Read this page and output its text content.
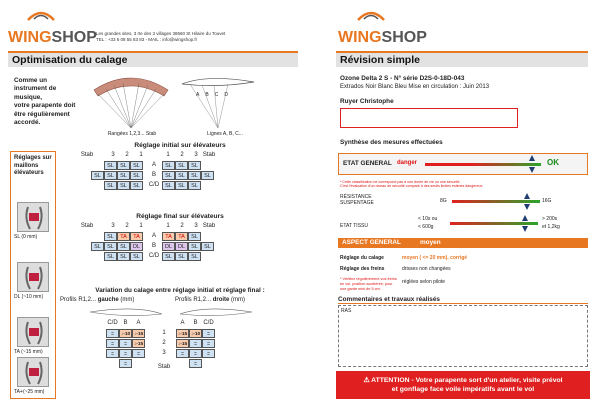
WINGSHOP Les grandes sites, 3 rte des 3 villages 38660 St Hilaire du Touvet
TEL : +33 6 08 55 83 83 - MAIL : info@wingshop.fr
Optimisation du calage
Comme un
instrument de
musique,
votre parapente doit
être régulièrement
accordé.
Rangées 1,2,3... Stab
A B C D
Lignes A, B, C...
Réglages sur
maillons
élévateurs
SL (0 mm)
DL (~10 mm)
TA (~15 mm)
TA+(~25 mm)
Réglage initial sur élévateurs
Stab	3	2	1	1	2	3 Stab
SL	SL	SL	A	SL	SL	SL
SL	SL	SL	SL	B	SL	SL	SL	SL
SL	SL	SL	C/D	SL	SL	SL
Réglage final sur élévateurs
Stab	3	2	1	1	2	3 Stab
SL	TA	TA	A	TA	TA	SL
SL	SL	SL	DL	B	DL	DL	SL	SL
SL	SL	SL	C/D	SL	SL	SL
Variation du calage entre réglage initial et réglage final :
Profils R1,2... gauche (mm)	Profils R1,2... droite (mm)
C/D B	A	A	B C/D
=	↓-10 ↓-15	1	↓-15 ↓-10	=
=	=	↓-15	2	↓-15	=	=
=	=	=	3	=	=	=
=	Stab	=
WINGSHOP
Révision simple
Ozone Delta 2 S - N° série D2S-0-18D-043
Extrados Noir Blanc Bleu Mise en circulation : Juin 2013
Ruyer Christophe
Synthèse des mesures effectuées
ETAT GENERAL danger	OK
* Cette classification ne correspond pas à une durée de vie ou une sécurité.
C'est l'évaluation d'un niveau de sécurité comparé à des seuils limites estimés dangereux.
RÉSISTANCE
SUSPENTAGE	8G	16G
ETAT TISSU
< 10s ou
< 600g
> 200s
et 1,2kg
ASPECT GENERAL	moyen
Réglage du calage	moyen ( <= 20 mm), corrigé
Réglage des freins	drisses non changées
* Vérifiez régulièrement vos freins
en vol, position accélérée, pour
une garde mini de 5 cm.
réglées selon pilote
Commentaires et travaux réalisés
RAS
⚠ ATTENTION - Votre parapente sort d'un atelier, visite prévol
et gonflage face voile impératifs avant le vol
